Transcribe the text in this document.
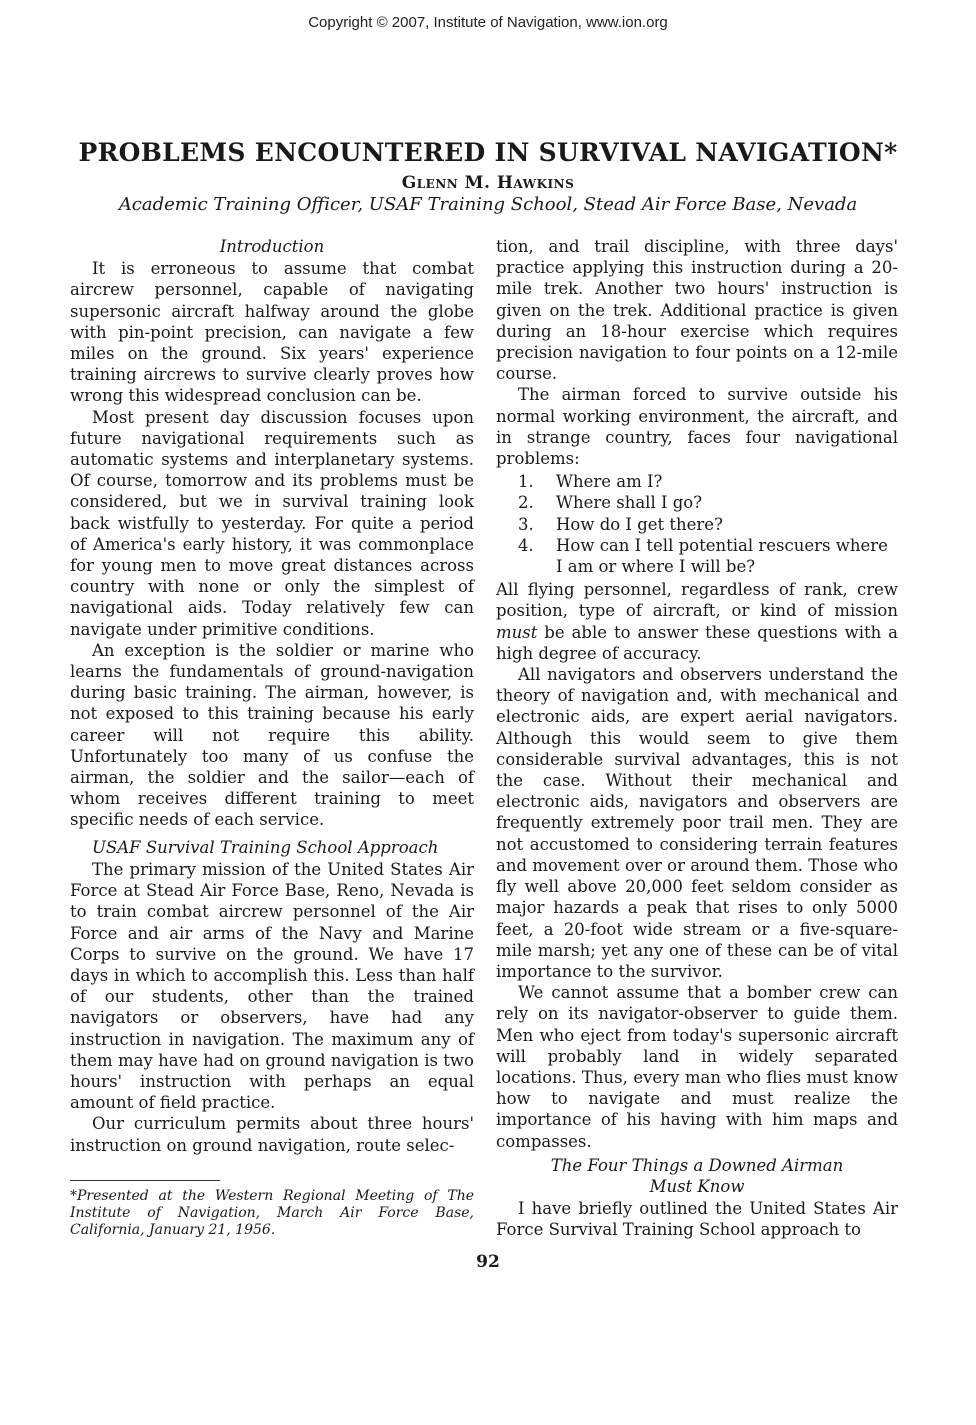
Copyright © 2007, Institute of Navigation, www.ion.org
PROBLEMS ENCOUNTERED IN SURVIVAL NAVIGATION*
Glenn M. Hawkins
Academic Training Officer, USAF Training School, Stead Air Force Base, Nevada

Introduction

It is erroneous to assume that combat aircrew personnel, capable of navigating supersonic aircraft halfway around the globe with pin-point precision, can navigate a few miles on the ground. Six years' experience training aircrews to survive clearly proves how wrong this widespread conclusion can be.

Most present day discussion focuses upon future navigational requirements such as automatic systems and interplanetary systems. Of course, tomorrow and its problems must be considered, but we in survival training look back wistfully to yesterday. For quite a period of America's early history, it was commonplace for young men to move great distances across country with none or only the simplest of navigational aids. Today relatively few can navigate under primitive conditions.

An exception is the soldier or marine who learns the fundamentals of ground-navigation during basic training. The airman, however, is not exposed to this training because his early career will not require this ability. Unfortunately too many of us confuse the airman, the soldier and the sailor—each of whom receives different training to meet specific needs of each service.

USAF Survival Training School Approach

The primary mission of the United States Air Force at Stead Air Force Base, Reno, Nevada is to train combat aircrew personnel of the Air Force and air arms of the Navy and Marine Corps to survive on the ground. We have 17 days in which to accomplish this. Less than half of our students, other than the trained navigators or observers, have had any instruction in navigation. The maximum any of them may have had on ground navigation is two hours' instruction with perhaps an equal amount of field practice.

Our curriculum permits about three hours' instruction on ground navigation, route selec-

tion, and trail discipline, with three days' practice applying this instruction during a 20-mile trek. Another two hours' instruction is given on the trek. Additional practice is given during an 18-hour exercise which requires precision navigation to four points on a 12-mile course.

The airman forced to survive outside his normal working environment, the aircraft, and in strange country, faces four navigational problems:

1.	Where am I?
2.	Where shall I go?
3.	How do I get there?
4.	How can I tell potential rescuers where I am or where I will be?

All flying personnel, regardless of rank, crew position, type of aircraft, or kind of mission must be able to answer these questions with a high degree of accuracy.

All navigators and observers understand the theory of navigation and, with mechanical and electronic aids, are expert aerial navigators. Although this would seem to give them considerable survival advantages, this is not the case. Without their mechanical and electronic aids, navigators and observers are frequently extremely poor trail men. They are not accustomed to considering terrain features and movement over or around them. Those who fly well above 20,000 feet seldom consider as major hazards a peak that rises to only 5000 feet, a 20-foot wide stream or a five-square-mile marsh; yet any one of these can be of vital importance to the survivor.

We cannot assume that a bomber crew can rely on its navigator-observer to guide them. Men who eject from today's supersonic aircraft will probably land in widely separated locations. Thus, every man who flies must know how to navigate and must realize the importance of his having with him maps and compasses.

The Four Things a Downed Airman

Must Know

I have briefly outlined the United States Air Force Survival Training School approach to

*Presented at the Western Regional Meeting of The Institute of Navigation, March Air Force Base, California, January 21, 1956.
92
